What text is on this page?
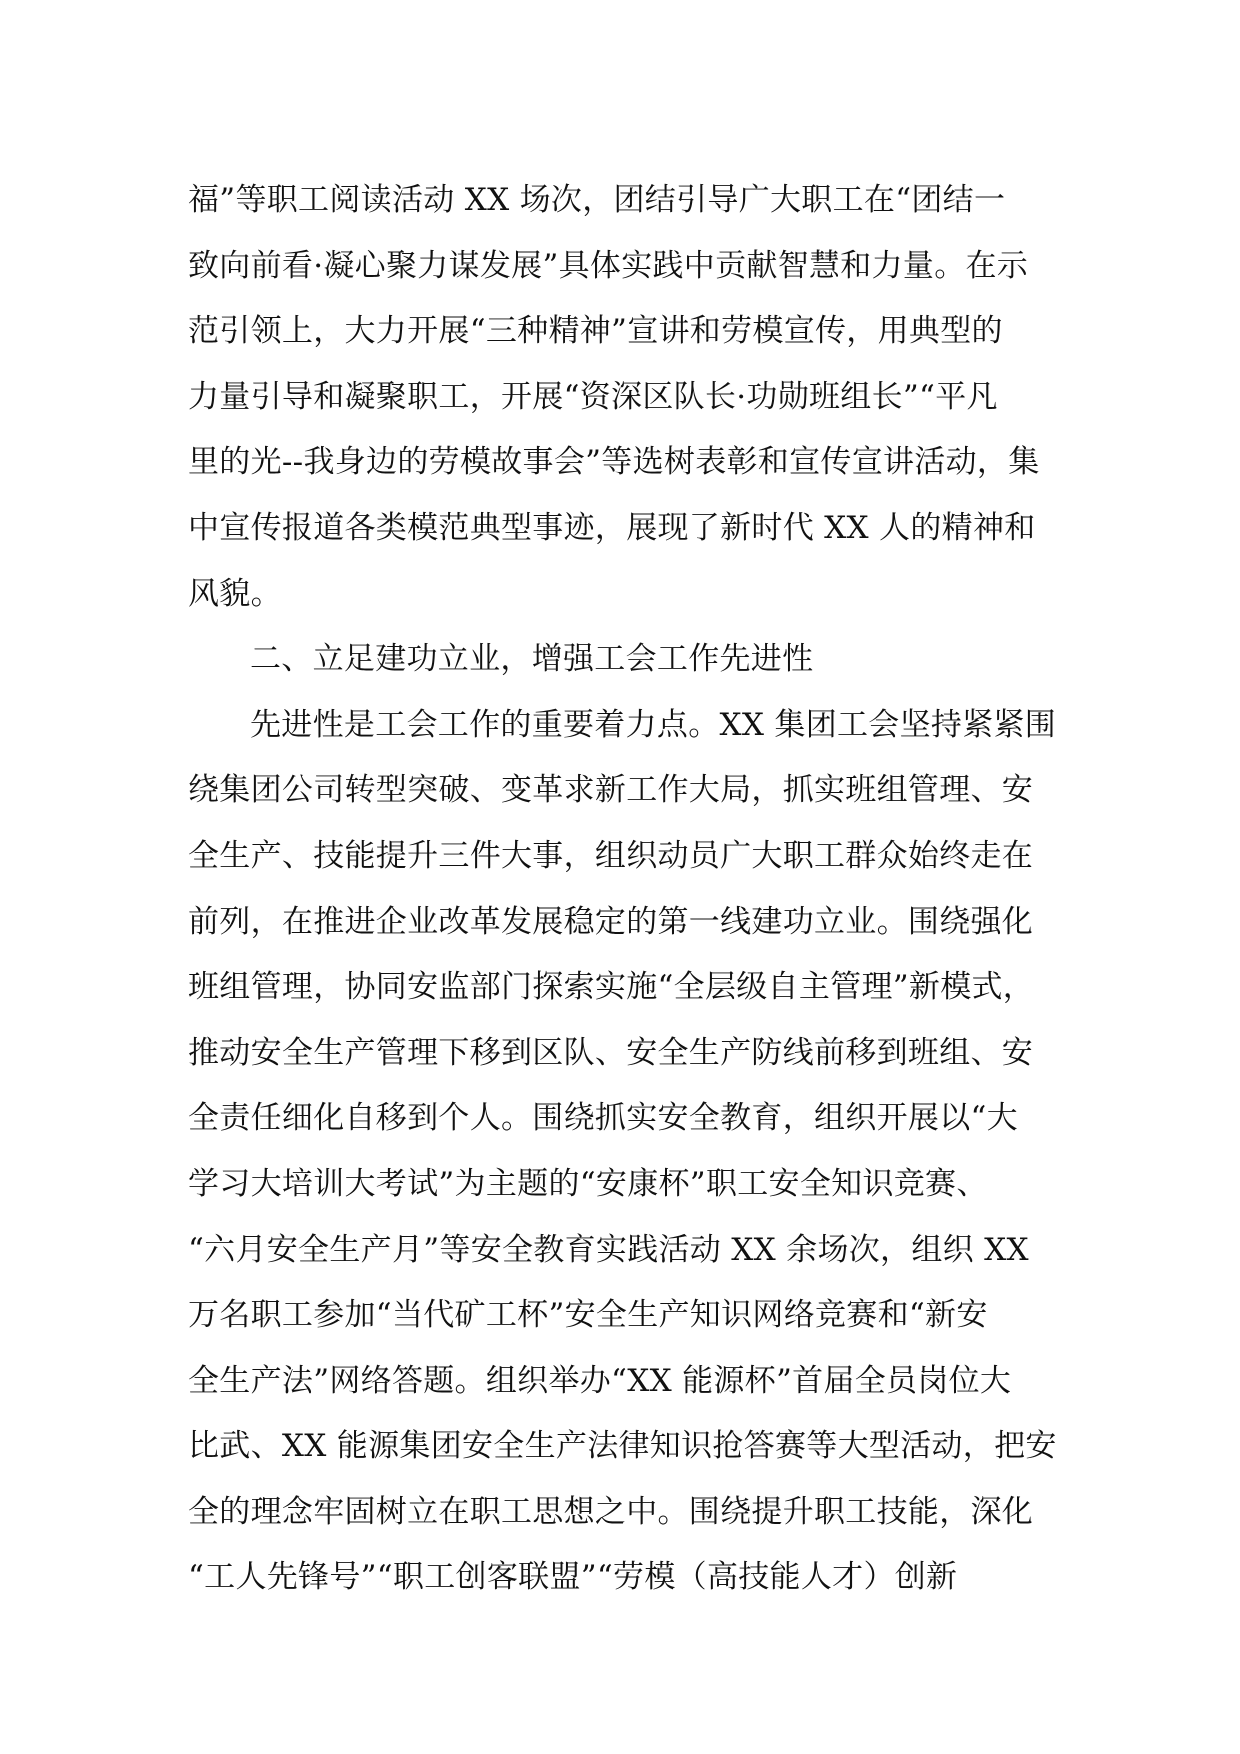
福”等职工阅读活动 XX 场次，团结引导广大职工在“团结一
致向前看·凝心聚力谋发展”具体实践中贡献智慧和力量。在示
范引领上，大力开展“三种精神”宣讲和劳模宣传，用典型的
力量引导和凝聚职工，开展“资深区队长·功勋班组长”“平凡
里的光--我身边的劳模故事会”等选树表彰和宣传宣讲活动，集
中宣传报道各类模范典型事迹，展现了新时代 XX 人的精神和
风貌。
二、立足建功立业，增强工会工作先进性
先进性是工会工作的重要着力点。XX 集团工会坚持紧紧围
绕集团公司转型突破、变革求新工作大局，抓实班组管理、安
全生产、技能提升三件大事，组织动员广大职工群众始终走在
前列，在推进企业改革发展稳定的第一线建功立业。围绕强化
班组管理，协同安监部门探索实施“全层级自主管理”新模式，
推动安全生产管理下移到区队、安全生产防线前移到班组、安
全责任细化自移到个人。围绕抓实安全教育，组织开展以“大
学习大培训大考试”为主题的“安康杯”职工安全知识竞赛、
“六月安全生产月”等安全教育实践活动 XX 余场次，组织 XX
万名职工参加“当代矿工杯”安全生产知识网络竞赛和“新安
全生产法”网络答题。组织举办“XX 能源杯”首届全员岗位大
比武、XX 能源集团安全生产法律知识抢答赛等大型活动，把安
全的理念牢固树立在职工思想之中。围绕提升职工技能，深化
“工人先锋号”“职工创客联盟”“劳模（高技能人才）创新
